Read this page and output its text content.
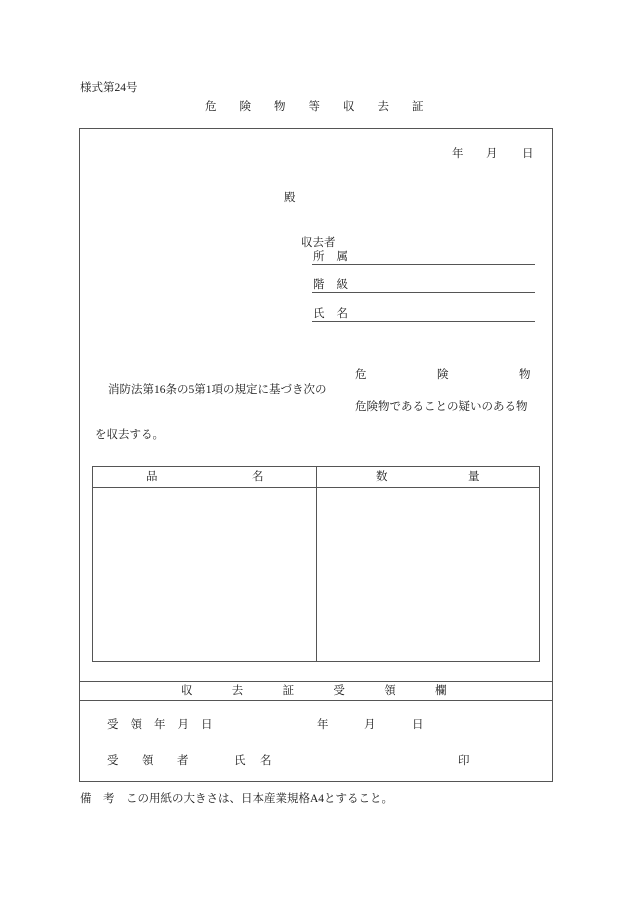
様式第24号
危険物等収去証
年 月 日
殿
収去者
所属
階級
氏名
危険物
消防法第16条の5第1項の規定に基づき次の
危険物であることの疑いのある物
を収去する。
品名 数量
収去証受領欄
受領年月日	年	月	日
受領者 氏名	印
備考 この用紙の大きさは、日本産業規格A4とすること。
